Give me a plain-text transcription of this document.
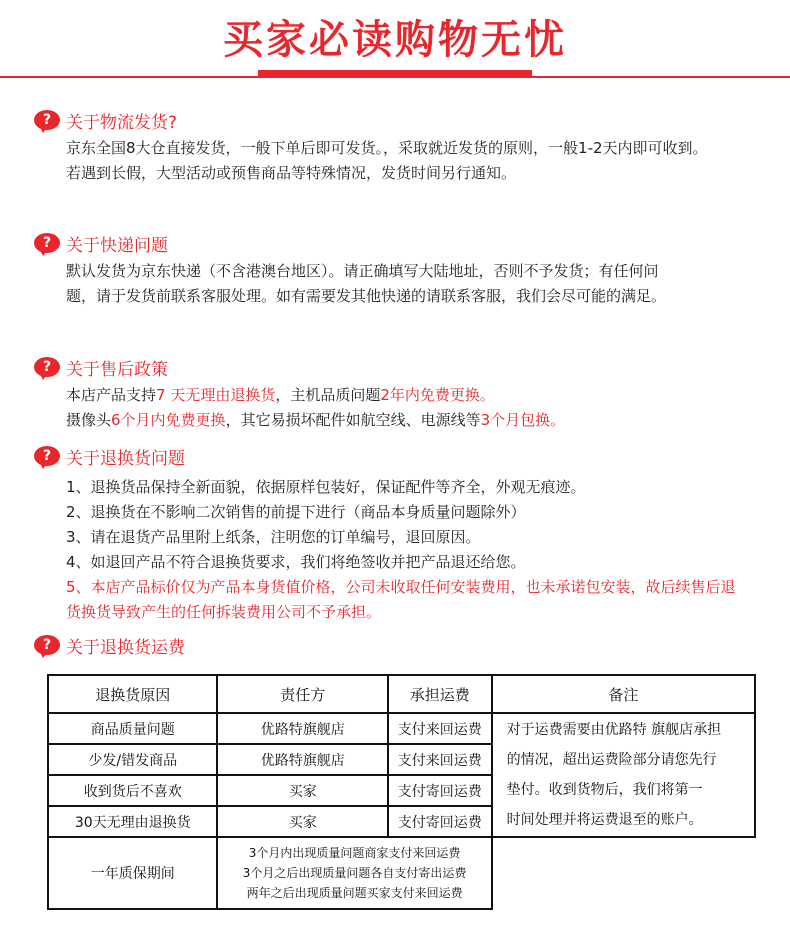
买家必读购物无忧
? 关于物流发货?
京东全国8大仓直接发货，一般下单后即可发货。，采取就近发货的原则，一般1-2天内即可收到。
若遇到长假，大型活动或预售商品等特殊情况，发货时间另行通知。
? 关于快递问题
默认发货为京东快递（不含港澳台地区）。请正确填写大陆地址，否则不予发货；有任何问
题，请于发货前联系客服处理。如有需要发其他快递的请联系客服，我们会尽可能的满足。
? 关于售后政策
本店产品支持7 天无理由退换货，主机品质问题2年内免费更换。
摄像头6个月内免费更换，其它易损坏配件如航空线、电源线等3个月包换。
? 关于退换货问题
1、退换货品保持全新面貌，依据原样包装好，保证配件等齐全，外观无痕迹。
2、退换货在不影响二次销售的前提下进行（商品本身质量问题除外）
3、请在退货产品里附上纸条，注明您的订单编号，退回原因。
4、如退回产品不符合退换货要求，我们将绝签收并把产品退还给您。
5、本店产品标价仅为产品本身货值价格，公司未收取任何安装费用，也未承诺包安装，故后续售后退
货换货导致产生的任何拆装费用公司不予承担。
? 关于退换货运费
退换货原因	责任方	承担运费	备注
商品质量问题	优路特旗舰店	支付来回运费	对于运费需要由优路特 旗舰店承担
的情况，超出运费险部分请您先行
垫付。收到货物后，我们将第一
时间处理并将运费退至的账户。

少发/错发商品	优路特旗舰店	支付来回运费	
收到货后不喜欢	买家	支付寄回运费	
30天无理由退换货	买家	支付寄回运费	
一年质保期间	3个月内出现质量问题商家支付来回运费
3个月之后出现质量问题各自支付寄出运费
两年之后出现质量问题买家支付来回运费		
